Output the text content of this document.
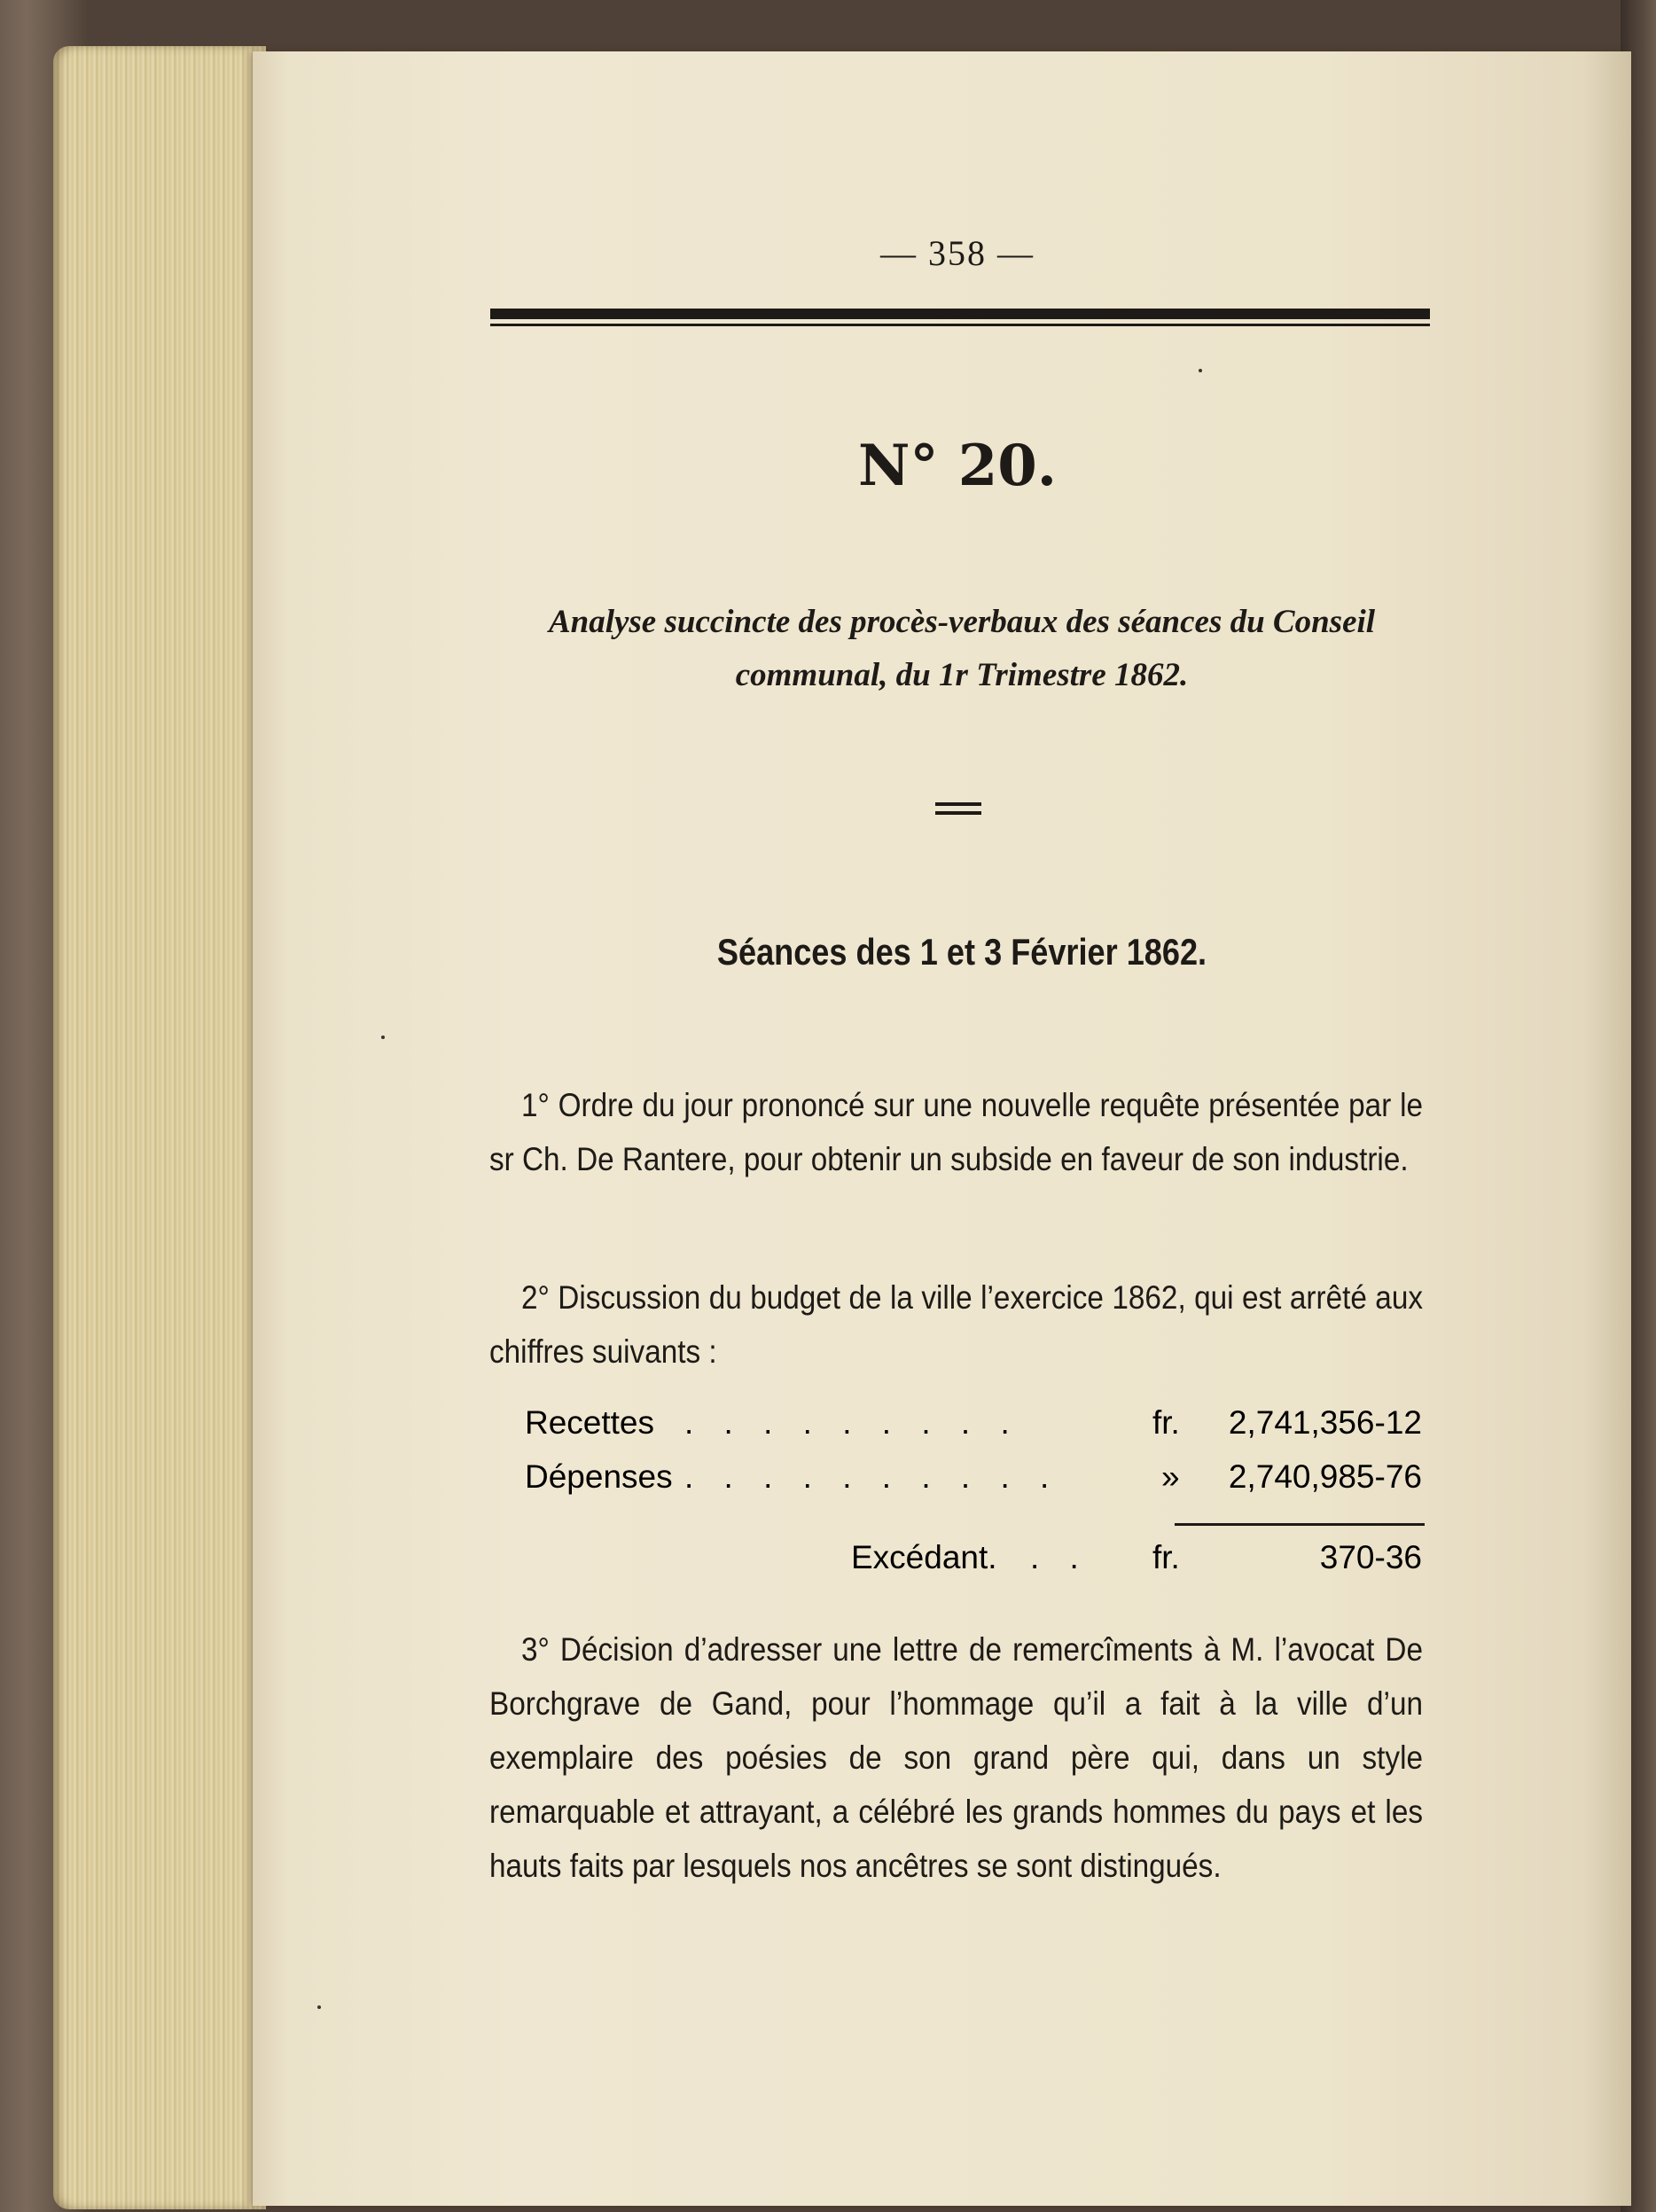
— 358 —
N° 20.
Analyse succincte des procès-verbaux des séances du Conseil
communal, du 1r Trimestre 1862.
Séances des 1 et 3 Février 1862.
1° Ordre du jour prononcé sur une nouvelle requête présentée par le sr Ch. De Rantere, pour obtenir un subside en faveur de son industrie.
2° Discussion du budget de la ville l’exercice 1862, qui est arrêté aux chiffres suivants :
Recettes . . . . . . . . .	fr. 2,741,356-12
Dépenses . . . . . . . . . .	» 2,740,985-76
Excédant. . . fr.	370-36
3° Décision d’adresser une lettre de remercîments à M. l’avocat De Borchgrave de Gand, pour l’hommage qu’il a fait à la ville d’un exemplaire des poésies de son grand père qui, dans un style remarquable et attrayant, a célébré les grands hommes du pays et les hauts faits par lesquels nos ancêtres se sont distingués.
